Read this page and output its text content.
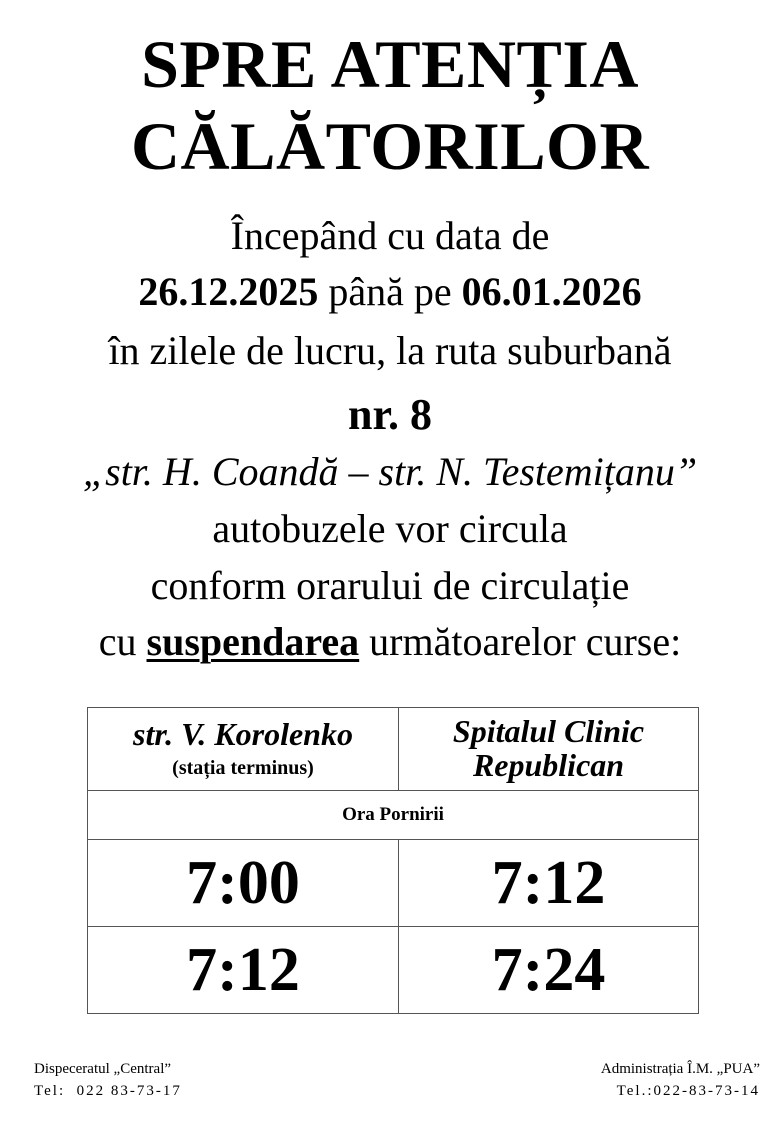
SPRE ATENȚIA
CĂLĂTORILOR
Începând cu data de
26.12.2025 până pe 06.01.2026
în zilele de lucru, la ruta suburbană
nr. 8
„str. H. Coandă – str. N. Testemițanu”
autobuzele vor circula
conform orarului de circulație
cu suspendarea următoarelor curse:
str. V. Korolenko
(stația terminus)	Spitalul Clinic Republican

Ora Pornirii	
7:00	7:12
7:12	7:24
Dispeceratul „Central”
Tel:  022 83-73-17
Administrația Î.M. „PUA”
Tel.:022-83-73-14
